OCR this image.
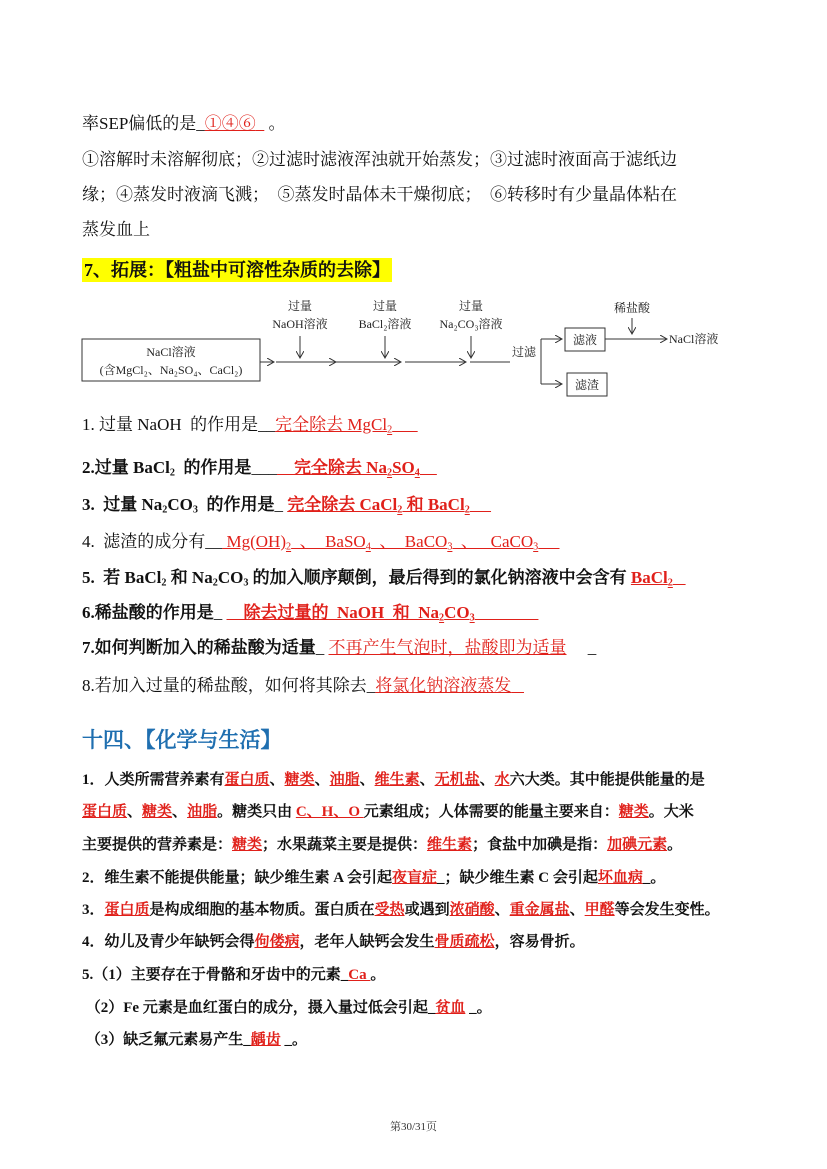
率SEP偏低的是_①④⑥   。
①溶解时未溶解彻底；②过滤时滤液浑浊就开始蒸发；③过滤时液面高于滤纸边
缘；④蒸发时液滴飞溅；  ⑤蒸发时晶体未干燥彻底；  ⑥转移时有少量晶体粘在
蒸发血上
7、拓展：【粗盐中可溶性杂质的去除】
NaCl溶液
(含MgCl₂、Na₂SO₄、CaCl₂)
过量
NaOH溶液
过量
BaCl₂溶液
过量
Na₂CO₃溶液
过滤
滤液
滤渣
稀盐酸
NaCl溶液
1. 过量 NaOH  的作用是__完全除去 MgCl2
2.过量 BaCl2  的作用是___    完全除去 Na2SO4
3.  过量 Na2CO3  的作用是_ 完全除去 CaCl2 和 BaCl2
4.  滤渣的成分有__ Mg(OH)2  、  BaSO4  、  BaCO3  、   CaCO3
5.  若 BaCl2 和 Na2CO3 的加入顺序颠倒，最后得到的氯化钠溶液中会含有 BaCl2
6.稀盐酸的作用是_     除去过量的  NaOH  和  Na2CO3
7.如何判断加入的稀盐酸为适量_ 不再产生气泡时，盐酸即为适量     _
8.若加入过量的稀盐酸，如何将其除去_将氯化钠溶液蒸发
十四、【化学与生活】
1．人类所需营养素有蛋白质、糖类、油脂、维生素、无机盐、水六大类。其中能提供能量的是
蛋白质、糖类、油脂。糖类只由 C、H、O 元素组成；人体需要的能量主要来自：糖类。大米
主要提供的营养素是：糖类；水果蔬菜主要是提供：维生素；食盐中加碘是指：加碘元素。
2．维生素不能提供能量；缺少维生素 A 会引起夜盲症_；缺少维生素 C 会引起坏血病_。
3．蛋白质是构成细胞的基本物质。蛋白质在受热或遇到浓硝酸、重金属盐、甲醛等会发生变性。
4．幼儿及青少年缺钙会得佝偻病，老年人缺钙会发生骨质疏松，容易骨折。
5.（1）主要存在于骨骼和牙齿中的元素_Ca 。
（2）Fe 元素是血红蛋白的成分，摄入量过低会引起_贫血 _。
（3）缺乏氟元素易产生_龋齿 _。
第30/31页
